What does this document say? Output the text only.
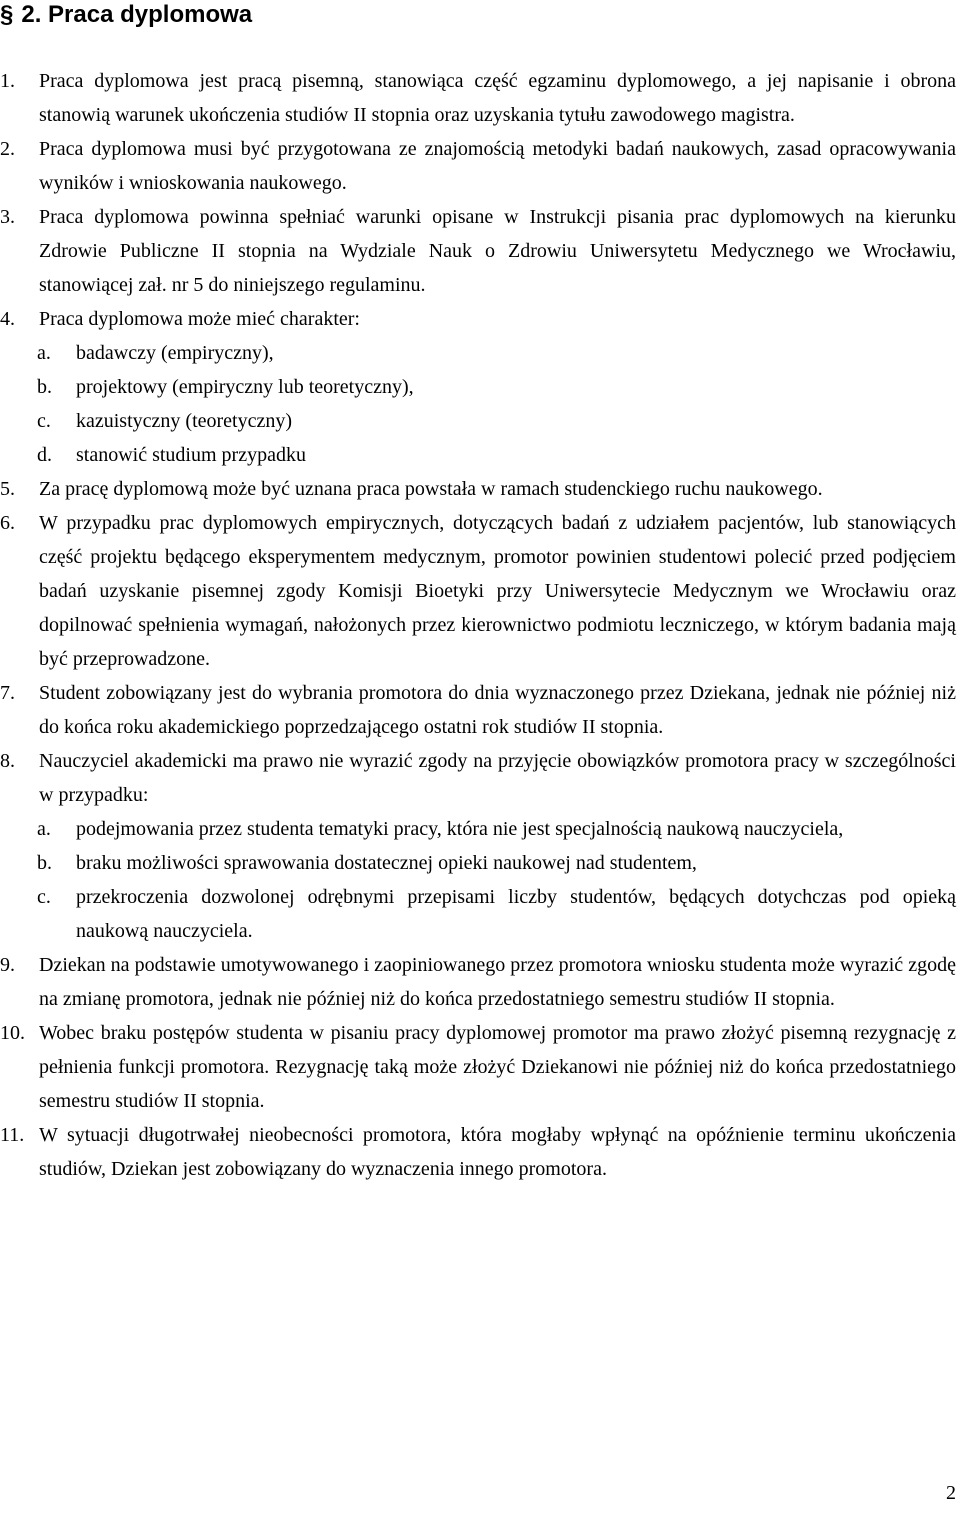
§ 2. Praca dyplomowa
1.	Praca dyplomowa jest pracą pisemną, stanowiąca część egzaminu dyplomowego, a jej napisanie i obrona stanowią warunek ukończenia studiów II stopnia oraz uzyskania tytułu zawodowego magistra.
2.	Praca dyplomowa musi być przygotowana ze znajomością metodyki badań naukowych, zasad opracowywania wyników i wnioskowania naukowego.
3.	Praca dyplomowa powinna spełniać warunki opisane w Instrukcji pisania prac dyplomowych na kierunku Zdrowie Publiczne II stopnia na Wydziale Nauk o Zdrowiu Uniwersytetu Medycznego we Wrocławiu, stanowiącej zał. nr 5 do niniejszego regulaminu.
4.	Praca dyplomowa może mieć charakter:
a. badawczy (empiryczny),
b. projektowy (empiryczny lub teoretyczny),
c. kazuistyczny (teoretyczny)
d. stanowić studium przypadku
5.	Za pracę dyplomową może być uznana praca powstała w ramach studenckiego ruchu naukowego.
6.	W przypadku prac dyplomowych empirycznych, dotyczących badań z udziałem pacjentów, lub stanowiących część projektu będącego eksperymentem medycznym, promotor powinien studentowi polecić przed podjęciem badań uzyskanie pisemnej zgody Komisji Bioetyki przy Uniwersytecie Medycznym we Wrocławiu oraz dopilnować spełnienia wymagań, nałożonych przez kierownictwo podmiotu leczniczego, w którym badania mają być przeprowadzone.
7.	Student zobowiązany jest do wybrania promotora do dnia wyznaczonego przez Dziekana, jednak nie później niż do końca roku akademickiego poprzedzającego ostatni rok studiów II stopnia.
8.	Nauczyciel akademicki ma prawo nie wyrazić zgody na przyjęcie obowiązków promotora pracy w szczególności w przypadku:
a. podejmowania przez studenta tematyki pracy, która nie jest specjalnością naukową nauczyciela,
b. braku możliwości sprawowania dostatecznej opieki naukowej nad studentem,
c. przekroczenia dozwolonej odrębnymi przepisami liczby studentów, będących dotychczas pod opieką naukową nauczyciela.
9.	Dziekan na podstawie umotywowanego i zaopiniowanego przez promotora wniosku studenta może wyrazić zgodę na zmianę promotora, jednak nie później niż do końca przedostatniego semestru studiów II stopnia.
10. Wobec braku postępów studenta w pisaniu pracy dyplomowej promotor ma prawo złożyć pisemną rezygnację z pełnienia funkcji promotora. Rezygnację taką może złożyć Dziekanowi nie później niż do końca przedostatniego semestru studiów II stopnia.
11. W sytuacji długotrwałej nieobecności promotora, która mogłaby wpłynąć na opóźnienie terminu ukończenia studiów, Dziekan jest zobowiązany do wyznaczenia innego promotora.
2
